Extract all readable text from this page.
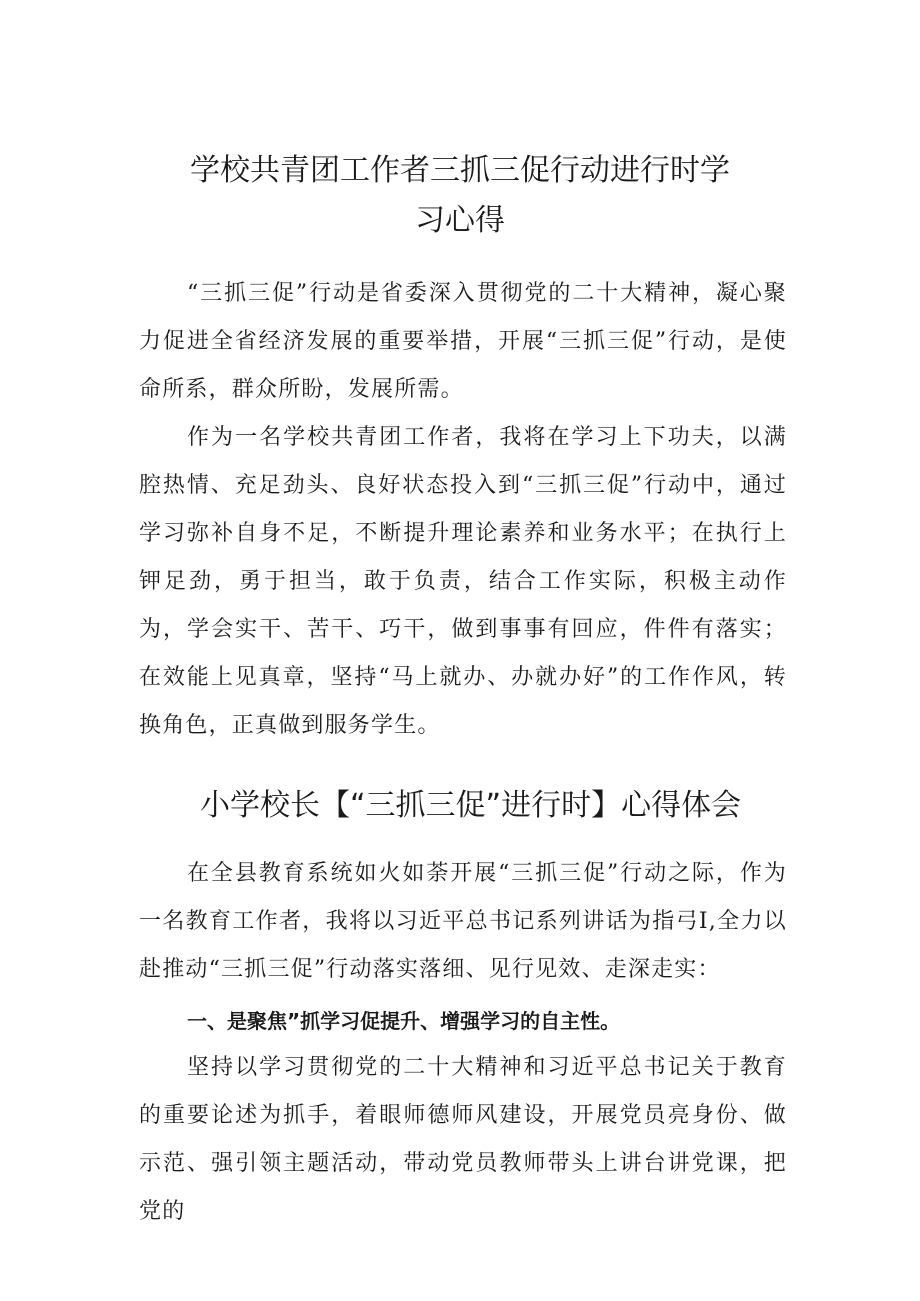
学校共青团工作者三抓三促行动进行时学
习心得

“三抓三促”行动是省委深入贯彻党的二十大精神，凝心聚力促进全省经济发展的重要举措，开展“三抓三促”行动，是使命所系，群众所盼，发展所需。

作为一名学校共青团工作者，我将在学习上下功夫，以满腔热情、充足劲头、良好状态投入到“三抓三促”行动中，通过学习弥补自身不足，不断提升理论素养和业务水平；在执行上钾足劲，勇于担当，敢于负责，结合工作实际，积极主动作为，学会实干、苦干、巧干，做到事事有回应，件件有落实；在效能上见真章，坚持“马上就办、办就办好”的工作作风，转换角色，正真做到服务学生。

小学校长【“三抓三促”进行时】心得体会

在全县教育系统如火如荼开展“三抓三促”行动之际，作为一名教育工作者，我将以习近平总书记系列讲话为指弓I,全力以赴推动“三抓三促”行动落实落细、见行见效、走深走实：

一、是聚焦”抓学习促提升、增强学习的自主性。

坚持以学习贯彻党的二十大精神和习近平总书记关于教育的重要论述为抓手，着眼师德师风建设，开展党员亮身份、做示范、强引领主题活动，带动党员教师带头上讲台讲党课，把党的
